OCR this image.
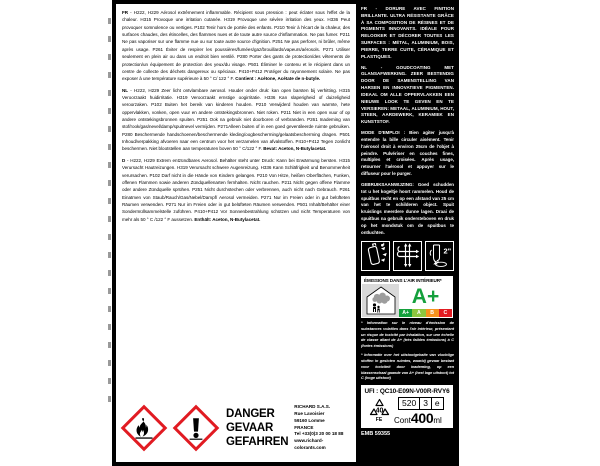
FR - H222, H229 Aérosol extrêmement inflammable. Récipient sous pression : peut éclater sous l'effet de la chaleur. H315 Provoque une irritation cutanée. H319 Provoque une sévère irritation des yeux. H336 Peut provoquer somnolence ou vertiges. P102 Tenir hors de portée des enfants. P210 Tenir à l'écart de la chaleur, des surfaces chaudes, des étincelles, des flammes nues et de toute autre source d'inflammation. Ne pas fumer. P211 Ne pas vaporiser sur une flamme nue ou sur toute autre source d'ignition. P251 Ne pas perforer, ni brûler, même après usage. P261 Éviter de respirer les poussières/fumées/gaz/brouillards/vapeurs/aérosols. P271 Utiliser seulement en plein air ou dans un endroit bien ventilé. P280 Porter des gants de protection/des vêtements de protection/un équipement de protection des yeux/du visage. P501 Éliminer le contenu et le récipient dans un centre de collecte des déchets dangereux ou spéciaux. P410+P412 Protéger du rayonnement solaire. Ne pas exposer à une température supérieure à 50 ° C/ 122 ° F. Contient : Acétone, Acétate de n-butyle.

NL - H222, H229 Zeer licht ontvlambare aerosol. Houder onder druk: kan open barsten bij verhitting. H315 Veroorzaakt huidirritatie. H319 Veroorzaakt ernstige oogirritatie. H336 Kan slaperigheid of duizeligheid veroorzaken. P102 Buiten het bereik van kinderen houden. P210 Verwijderd houden van warmte, hete oppervlakken, vonken, open vuur en andere ontstekingsbronnen. Niet roken. P211 Niet in een open vuur of op andere ontstekingsbronnen spuiten. P251 Ook na gebruik niet doorboren of verbranden. P261 Inademing van stof/rook/gas/nevel/damp/spuitnevel vermijden. P271Alleen buiten of in een goed geventileerde ruimte gebruiken. P280 Beschermende handschoenen/beschermende kleding/oogbescherming/gelaatsbescherming dragen. P501 Inhoud/verpakking afvoeren naar een centrum voor het verzamelen van afvalstoffen. P410+P412 Tegen zonlicht beschermen. Niet blootstellen aan temperaturen boven 50 ° C/122 ° F. Bevat: Aceton, N-Butylacetat.

D - H222, H229 Extrem entzündbares Aerosol. Behälter steht unter Druck: Kann bei Erwärmung bersten. H315 Verursacht Hautreizungen. H319 Verursacht schwere Augenreizung. H336 Kann Schläfrigkeit und Benommenheit verursachen. P102 Darf nicht in die Hände von Kindern gelangen. P210 Von Hitze, heißen Oberflächen, Funken, offenen Flammen sowie anderen Zündquellenarten fernhalten. Nicht rauchen. P211 Nicht gegen offene Flamme oder andere Zündquelle sprühen. P251 Nicht durchstechen oder verbrennen, auch nicht nach Gebrauch. P261 Einatmen von Staub/Rauch/Gas/Nebel/Dampf/ Aerosol vermeiden. P271 Nur im Freien oder in gut belüfteten Räumen verwenden. P271 Nur im Freien oder in gut belüfteten Räumen verwenden. P501 Inhalt/Behälter einer Sondermüllsammelstelle zuführen. P410+P412 Vor Sonnenbestrahlung schützen und nicht Temperaturen von mehr als 50 ° C /122 ° F aussetzen. Enthält: Aceton, N-Butylacetat.

DANGER
GEVAAR
GEFAHREN
RICHARD S.A.S.
Rue Lavoisier
59160 Lomme
FRANCE
Tel +33(0)3 20 00 18 88
www.richard-colorants.com

FR - DORURE AVEC FINITION BRILLANTE. ULTRA RÉSISTANTE GRÂCE À SA COMPOSITION DE RÉSINES ET DE PIGMENTS INNOVANTS. IDÉALE POUR RELOOKER ET DÉCORER TOUTES LES SURFACES : MÉTAL, ALUMINIUM, BOIS, PIERRE, TERRE CUITE, CÉRAMIQUE ET PLASTIQUES.

NL - GOUDCOATING MET GLANSAFWERKING. ZEER BESTENDIG DOOR DE SAMENSTELLING VAN HARSEN EN INNOVATIEVE PIGMENTEN. IDEAAL OM ALLE OPPERVLAKKEN EEN NIEUWE LOOK TE GEVEN EN TE VERSIEREN: METAAL, ALUMINIUM, HOUT, STEEN, AARDEWERK, KERAMIEK EN KUNSTSTOF.

MODE D'EMPLOI : Bien agiter jusqu'à entendre la bille circuler aisément. Tenir l'aérosol droit à environ 25cm de l'objet à peindre. Pulvériser en couches fines, multiples et croisées. Après usage, retourner l'aérosol et appuyer sur le diffuseur pour le purger.

GEBRUIKSAANWIJZING: Goed schudden tot u het kogeltje hoort rammelen. Houd de spuitbus recht en op een afstand van 25 cm van het te schilderen object. Spuit kruislings meerdere dunne lagen. Draai de spuitbus na gebruik ondersteboven en druk op het mondstuk om de spuitbus te ontluchten.

2"
ÉMISSIONS DANS L'AIR INTÉRIEUR*
A+
A+	A	B	C

* Information sur le niveau d'émission de substances volatiles dans l'air intérieur, présentant un risque de toxicité par inhalation, sur une échelle de classe allant de A+ (très faibles émissions) à C (fortes émissions)

* Informatie over het uitstootgehalte van vluchtige stoffen in gesloten ruimtes, waarbij gevaar bestaat voor toxiciteit door inademing, op een klassenschaal gaande van A+ (heel lage uitstoot) tot C (hoge uitstoot)

UFI : QC10-E09N-V00R-RVY6
40
FE
520 3 e
Cont 400 ml
EMB 59355
